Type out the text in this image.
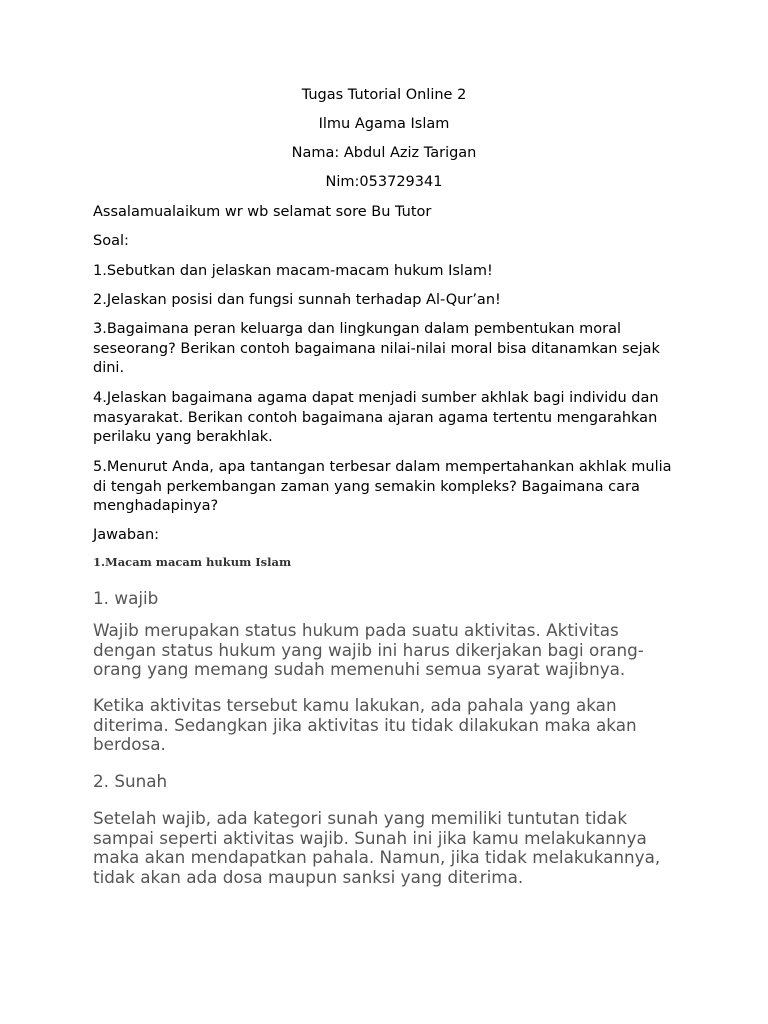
Tugas Tutorial Online 2

Ilmu Agama Islam

Nama: Abdul Aziz Tarigan

Nim:053729341

Assalamualaikum wr wb selamat sore Bu Tutor

Soal:

1.Sebutkan dan jelaskan macam-macam hukum Islam!

2.Jelaskan posisi dan fungsi sunnah terhadap Al-Qur’an!

3.Bagaimana peran keluarga dan lingkungan dalam pembentukan moral seseorang? Berikan contoh bagaimana nilai-nilai moral bisa ditanamkan sejak dini.

4.Jelaskan bagaimana agama dapat menjadi sumber akhlak bagi individu dan masyarakat. Berikan contoh bagaimana ajaran agama tertentu mengarahkan perilaku yang berakhlak.

5.Menurut Anda, apa tantangan terbesar dalam mempertahankan akhlak mulia di tengah perkembangan zaman yang semakin kompleks? Bagaimana cara menghadapinya?

Jawaban:

1.Macam macam hukum Islam

1. wajib

Wajib merupakan status hukum pada suatu aktivitas. Aktivitas dengan status hukum yang wajib ini harus dikerjakan bagi orang-orang yang memang sudah memenuhi semua syarat wajibnya.

Ketika aktivitas tersebut kamu lakukan, ada pahala yang akan diterima. Sedangkan jika aktivitas itu tidak dilakukan maka akan berdosa.

2. Sunah

Setelah wajib, ada kategori sunah yang memiliki tuntutan tidak sampai seperti aktivitas wajib. Sunah ini jika kamu melakukannya maka akan mendapatkan pahala. Namun, jika tidak melakukannya, tidak akan ada dosa maupun sanksi yang diterima.
